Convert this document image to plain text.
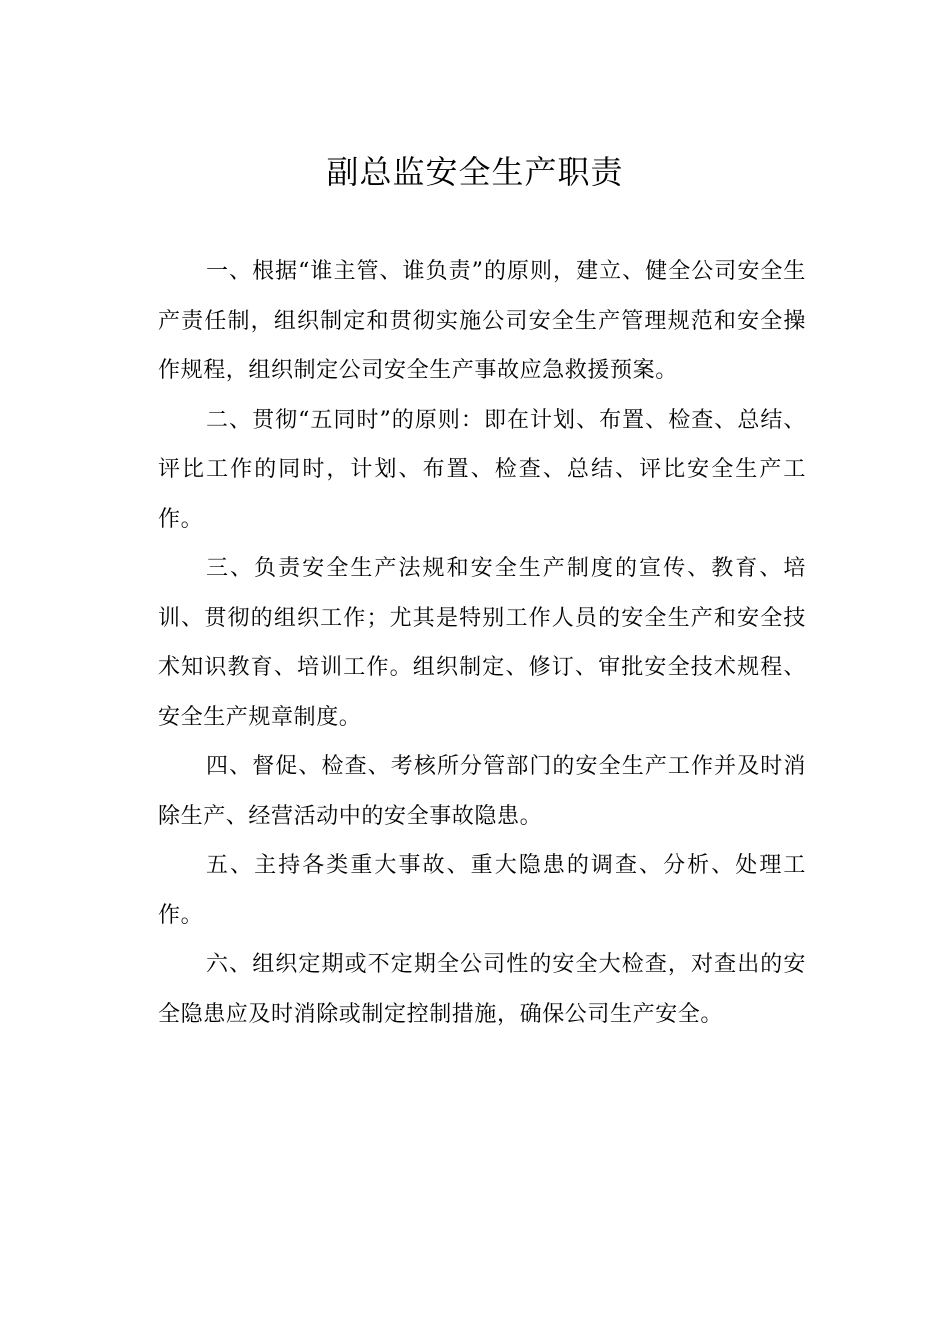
副总监安全生产职责

一、根据“谁主管、谁负责”的原则，建立、健全公司安全生产责任制，组织制定和贯彻实施公司安全生产管理规范和安全操作规程，组织制定公司安全生产事故应急救援预案。

二、贯彻“五同时”的原则：即在计划、布置、检查、总结、评比工作的同时，计划、布置、检查、总结、评比安全生产工作。

三、负责安全生产法规和安全生产制度的宣传、教育、培训、贯彻的组织工作；尤其是特别工作人员的安全生产和安全技术知识教育、培训工作。组织制定、修订、审批安全技术规程、安全生产规章制度。

四、督促、检查、考核所分管部门的安全生产工作并及时消除生产、经营活动中的安全事故隐患。

五、主持各类重大事故、重大隐患的调查、分析、处理工作。

六、组织定期或不定期全公司性的安全大检查，对查出的安全隐患应及时消除或制定控制措施，确保公司生产安全。
